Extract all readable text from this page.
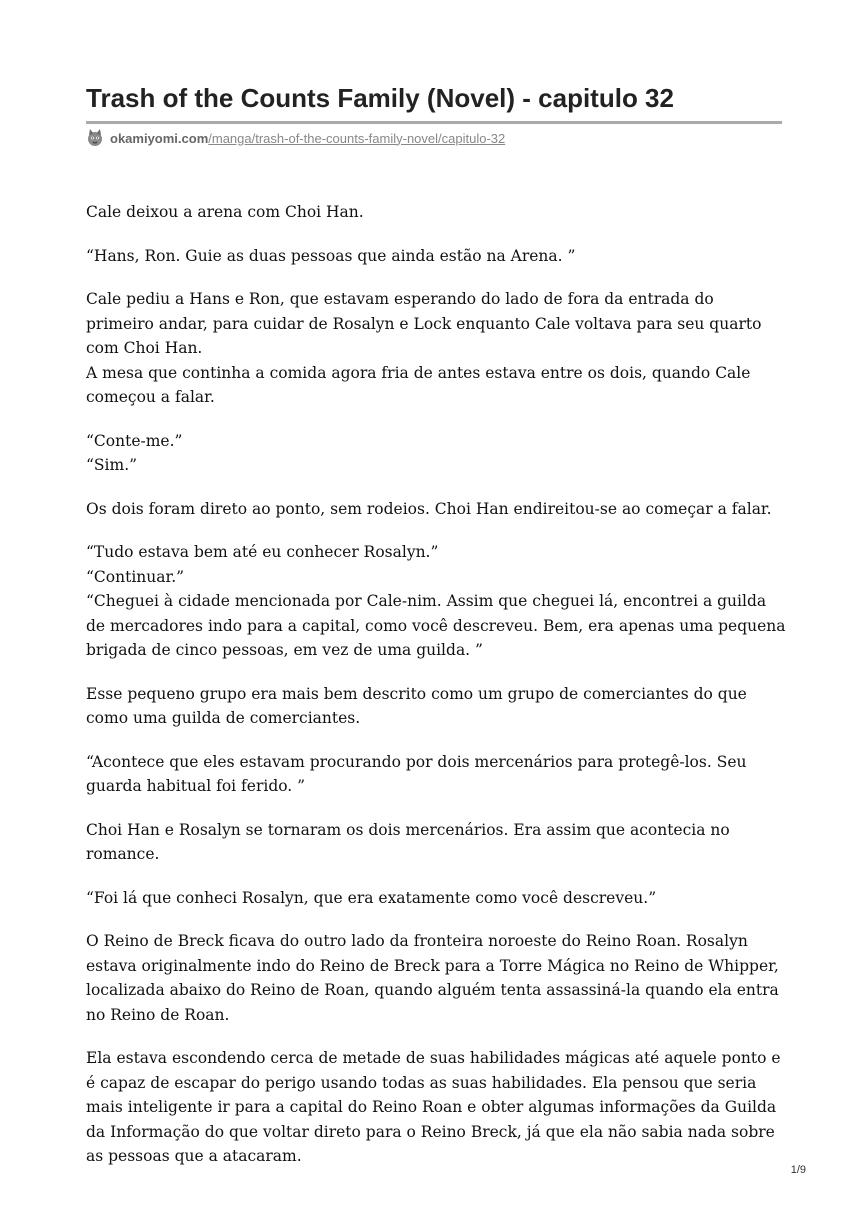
Trash of the Counts Family (Novel) - capitulo 32
okamiyomi.com/manga/trash-of-the-counts-family-novel/capitulo-32

Cale deixou a arena com Choi Han.

“Hans, Ron. Guie as duas pessoas que ainda estão na Arena. ”

Cale pediu a Hans e Ron, que estavam esperando do lado de fora da entrada do primeiro andar, para cuidar de Rosalyn e Lock enquanto Cale voltava para seu quarto com Choi Han.
A mesa que continha a comida agora fria de antes estava entre os dois, quando Cale começou a falar.

“Conte-me.”
“Sim.”

Os dois foram direto ao ponto, sem rodeios. Choi Han endireitou-se ao começar a falar.

“Tudo estava bem até eu conhecer Rosalyn.”
“Continuar.”
“Cheguei à cidade mencionada por Cale-nim. Assim que cheguei lá, encontrei a guilda de mercadores indo para a capital, como você descreveu. Bem, era apenas uma pequena brigada de cinco pessoas, em vez de uma guilda. ”

Esse pequeno grupo era mais bem descrito como um grupo de comerciantes do que como uma guilda de comerciantes.

“Acontece que eles estavam procurando por dois mercenários para protegê-los. Seu guarda habitual foi ferido. ”

Choi Han e Rosalyn se tornaram os dois mercenários. Era assim que acontecia no romance.

“Foi lá que conheci Rosalyn, que era exatamente como você descreveu.”

O Reino de Breck ficava do outro lado da fronteira noroeste do Reino Roan. Rosalyn estava originalmente indo do Reino de Breck para a Torre Mágica no Reino de Whipper, localizada abaixo do Reino de Roan, quando alguém tenta assassiná-la quando ela entra no Reino de Roan.

Ela estava escondendo cerca de metade de suas habilidades mágicas até aquele ponto e é capaz de escapar do perigo usando todas as suas habilidades. Ela pensou que seria mais inteligente ir para a capital do Reino Roan e obter algumas informações da Guilda da Informação do que voltar direto para o Reino Breck, já que ela não sabia nada sobre as pessoas que a atacaram.

1/9
